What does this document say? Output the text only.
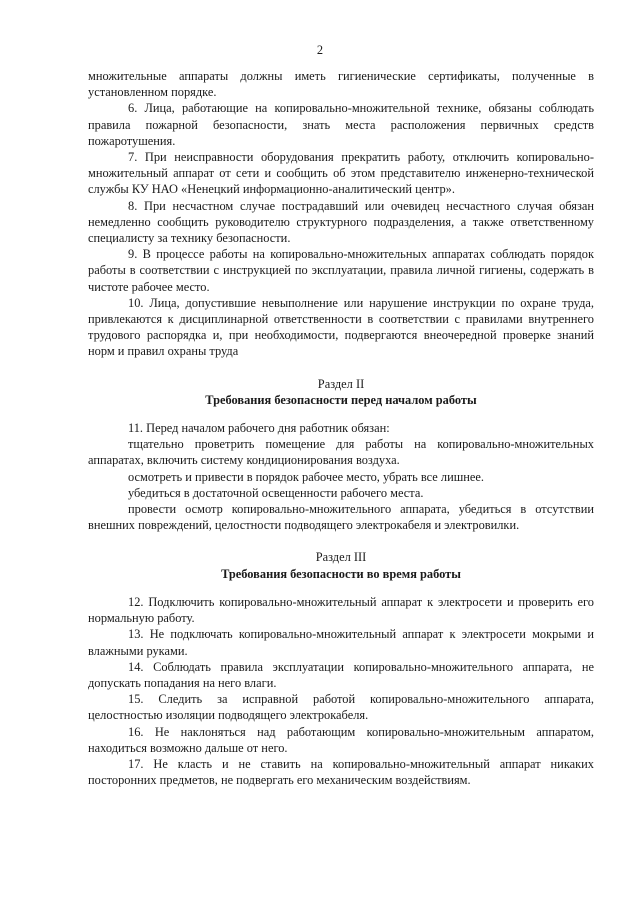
2

множительные аппараты должны иметь гигиенические сертификаты, полученные в установленном порядке.

6. Лица, работающие на копировально-множительной технике, обязаны соблюдать правила пожарной безопасности, знать места расположения первичных средств пожаротушения.

7. При неисправности оборудования прекратить работу, отключить копировально-множительный аппарат от сети и сообщить об этом представителю инженерно-технической службы КУ НАО «Ненецкий информационно-аналитический центр».

8. При несчастном случае пострадавший или очевидец несчастного случая обязан немедленно сообщить руководителю структурного подразделения, а также ответственному специалисту за технику безопасности.

9. В процессе работы на копировально-множительных аппаратах соблюдать порядок работы в соответствии с инструкцией по эксплуатации, правила личной гигиены, содержать в чистоте рабочее место.

10. Лица, допустившие невыполнение или нарушение инструкции по охране труда, привлекаются к дисциплинарной ответственности в соответствии с правилами внутреннего трудового распорядка и, при необходимости, подвергаются внеочередной проверке знаний норм и правил охраны труда

Раздел II

Требования безопасности перед началом работы

11. Перед началом рабочего дня работник обязан:

тщательно проветрить помещение для работы на копировально-множительных аппаратах, включить систему кондиционирования воздуха.

осмотреть и привести в порядок рабочее место, убрать все лишнее.

убедиться в достаточной освещенности рабочего места.

провести осмотр копировально-множительного аппарата, убедиться в отсутствии внешних повреждений, целостности подводящего электрокабеля и электровилки.

Раздел III

Требования безопасности во время работы

12. Подключить копировально-множительный аппарат к электросети и проверить его нормальную работу.

13. Не подключать копировально-множительный аппарат к электросети мокрыми и влажными руками.

14. Соблюдать правила эксплуатации копировально-множительного аппарата, не допускать попадания на него влаги.

15. Следить за исправной работой копировально-множительного аппарата, целостностью изоляции подводящего электрокабеля.

16. Не наклоняться над работающим копировально-множительным аппаратом, находиться возможно дальше от него.

17. Не класть и не ставить на копировально-множительный аппарат никаких посторонних предметов, не подвергать его механическим воздействиям.
